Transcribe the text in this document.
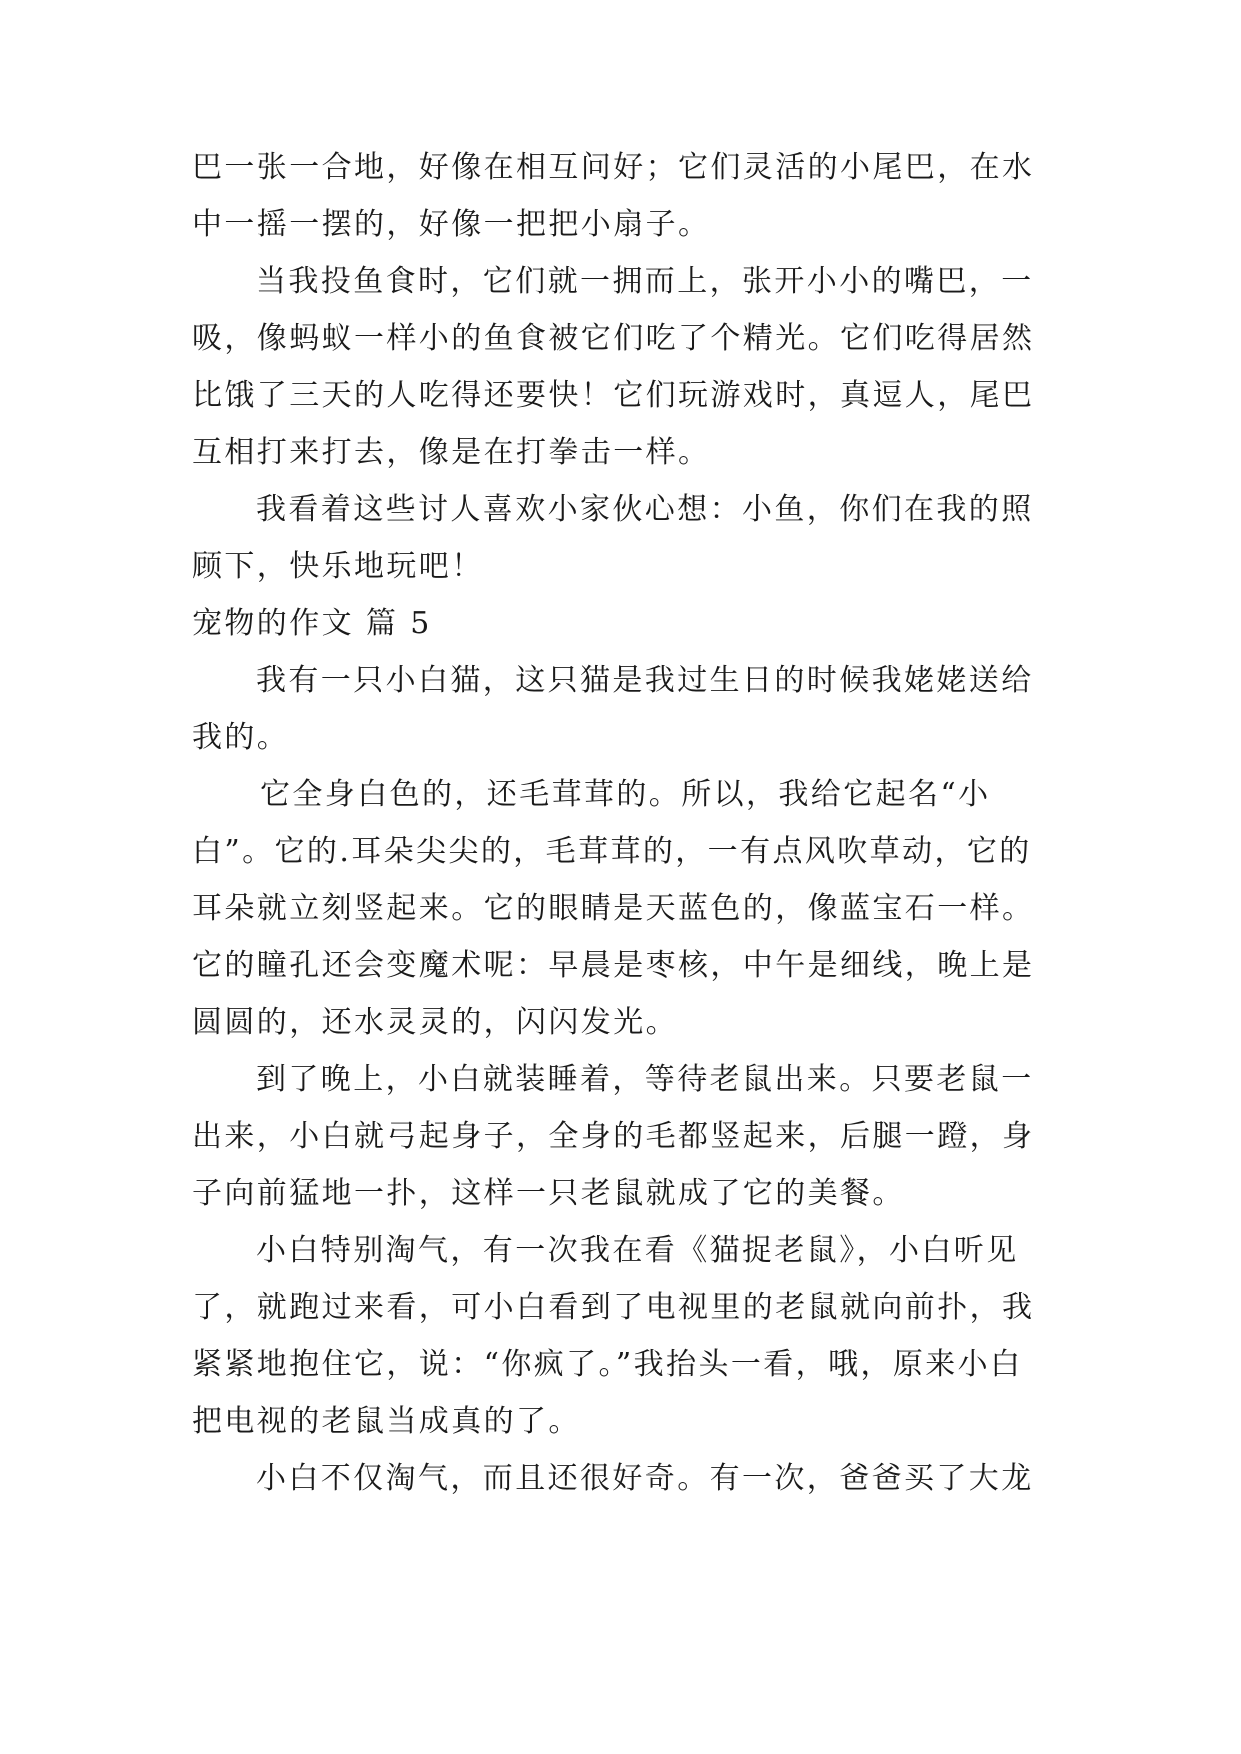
巴一张一合地，好像在相互问好；它们灵活的小尾巴，在水
中一摇一摆的，好像一把把小扇子。
当我投鱼食时，它们就一拥而上，张开小小的嘴巴，一
吸，像蚂蚁一样小的鱼食被它们吃了个精光。它们吃得居然
比饿了三天的人吃得还要快！它们玩游戏时，真逗人，尾巴
互相打来打去，像是在打拳击一样。
我看着这些讨人喜欢小家伙心想：小鱼，你们在我的照
顾下，快乐地玩吧！
宠物的作文 篇 5
我有一只小白猫，这只猫是我过生日的时候我姥姥送给
我的。
它全身白色的，还毛茸茸的。所以，我给它起名“小
白”。它的.耳朵尖尖的，毛茸茸的，一有点风吹草动，它的
耳朵就立刻竖起来。它的眼睛是天蓝色的，像蓝宝石一样。
它的瞳孔还会变魔术呢：早晨是枣核，中午是细线，晚上是
圆圆的，还水灵灵的，闪闪发光。
到了晚上，小白就装睡着，等待老鼠出来。只要老鼠一
出来，小白就弓起身子，全身的毛都竖起来，后腿一蹬，身
子向前猛地一扑，这样一只老鼠就成了它的美餐。
小白特别淘气，有一次我在看《猫捉老鼠》，小白听见
了，就跑过来看，可小白看到了电视里的老鼠就向前扑，我
紧紧地抱住它，说：“你疯了。”我抬头一看，哦，原来小白
把电视的老鼠当成真的了。
小白不仅淘气，而且还很好奇。有一次，爸爸买了大龙
